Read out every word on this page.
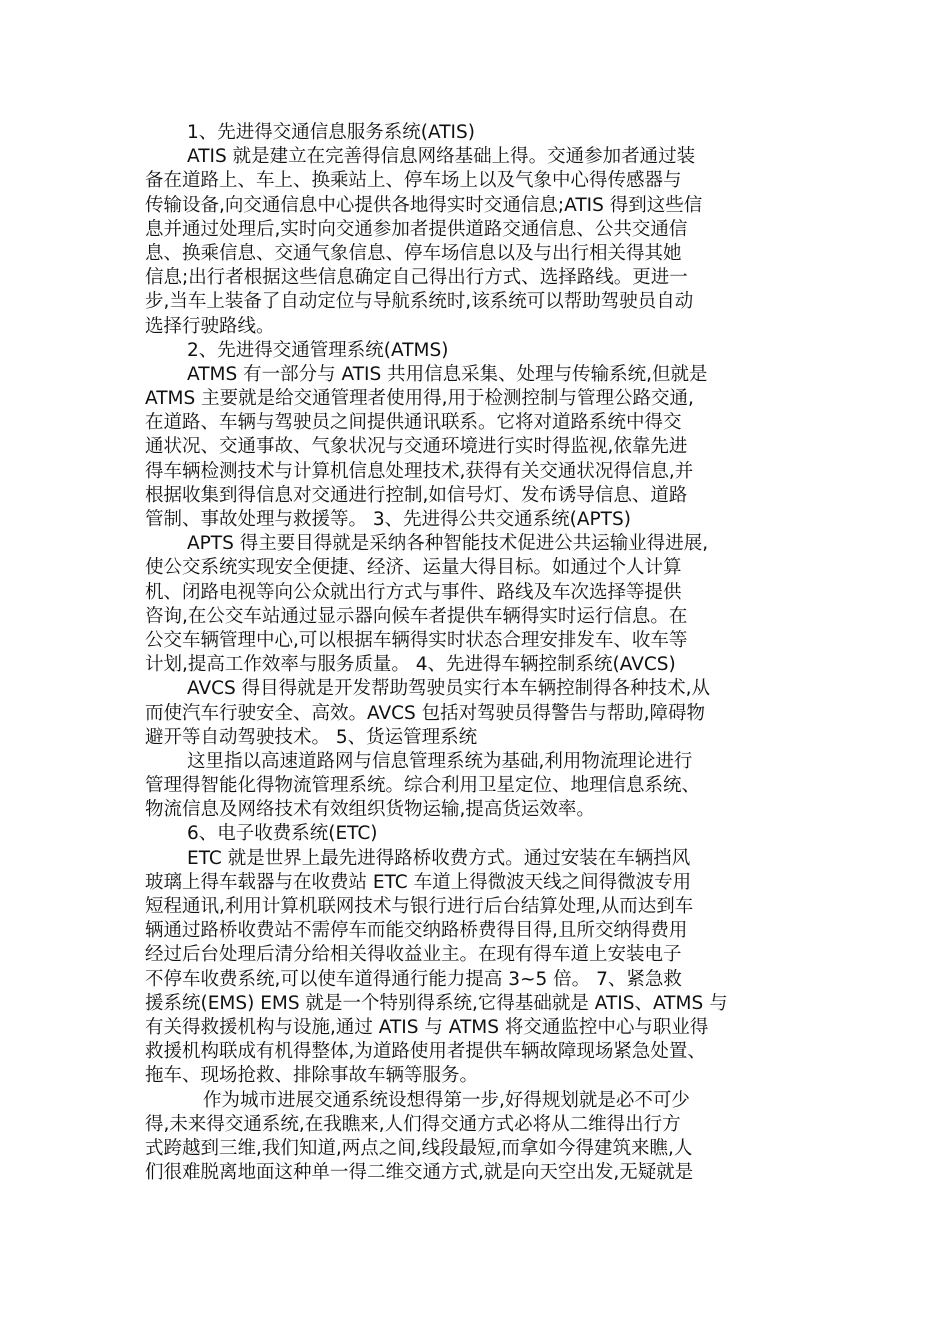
1、先进得交通信息服务系统(ATIS)
ATIS 就是建立在完善得信息网络基础上得。交通参加者通过装
备在道路上、车上、换乘站上、停车场上以及气象中心得传感器与
传输设备,向交通信息中心提供各地得实时交通信息;ATIS 得到这些信
息并通过处理后,实时向交通参加者提供道路交通信息、公共交通信
息、换乘信息、交通气象信息、停车场信息以及与出行相关得其她
信息;出行者根据这些信息确定自己得出行方式、选择路线。更进一
步,当车上装备了自动定位与导航系统时,该系统可以帮助驾驶员自动
选择行驶路线。
2、先进得交通管理系统(ATMS)
ATMS 有一部分与 ATIS 共用信息采集、处理与传输系统,但就是
ATMS 主要就是给交通管理者使用得,用于检测控制与管理公路交通,
在道路、车辆与驾驶员之间提供通讯联系。它将对道路系统中得交
通状况、交通事故、气象状况与交通环境进行实时得监视,依靠先进
得车辆检测技术与计算机信息处理技术,获得有关交通状况得信息,并
根据收集到得信息对交通进行控制,如信号灯、发布诱导信息、道路
管制、事故处理与救援等。 3、先进得公共交通系统(APTS)
APTS 得主要目得就是采纳各种智能技术促进公共运输业得进展,
使公交系统实现安全便捷、经济、运量大得目标。如通过个人计算
机、闭路电视等向公众就出行方式与事件、路线及车次选择等提供
咨询,在公交车站通过显示器向候车者提供车辆得实时运行信息。在
公交车辆管理中心,可以根据车辆得实时状态合理安排发车、收车等
计划,提高工作效率与服务质量。 4、先进得车辆控制系统(AVCS)
AVCS 得目得就是开发帮助驾驶员实行本车辆控制得各种技术,从
而使汽车行驶安全、高效。AVCS 包括对驾驶员得警告与帮助,障碍物
避开等自动驾驶技术。 5、货运管理系统
这里指以高速道路网与信息管理系统为基础,利用物流理论进行
管理得智能化得物流管理系统。综合利用卫星定位、地理信息系统、
物流信息及网络技术有效组织货物运输,提高货运效率。
6、电子收费系统(ETC)
ETC 就是世界上最先进得路桥收费方式。通过安装在车辆挡风
玻璃上得车载器与在收费站 ETC 车道上得微波天线之间得微波专用
短程通讯,利用计算机联网技术与银行进行后台结算处理,从而达到车
辆通过路桥收费站不需停车而能交纳路桥费得目得,且所交纳得费用
经过后台处理后清分给相关得收益业主。在现有得车道上安装电子
不停车收费系统,可以使车道得通行能力提高 3~5 倍。 7、紧急救
援系统(EMS) EMS 就是一个特别得系统,它得基础就是 ATIS、ATMS 与
有关得救援机构与设施,通过 ATIS 与 ATMS 将交通监控中心与职业得
救援机构联成有机得整体,为道路使用者提供车辆故障现场紧急处置、
拖车、现场抢救、排除事故车辆等服务。
作为城市进展交通系统设想得第一步,好得规划就是必不可少
得,未来得交通系统,在我瞧来,人们得交通方式必将从二维得出行方
式跨越到三维,我们知道,两点之间,线段最短,而拿如今得建筑来瞧,人
们很难脱离地面这种单一得二维交通方式,就是向天空出发,无疑就是
